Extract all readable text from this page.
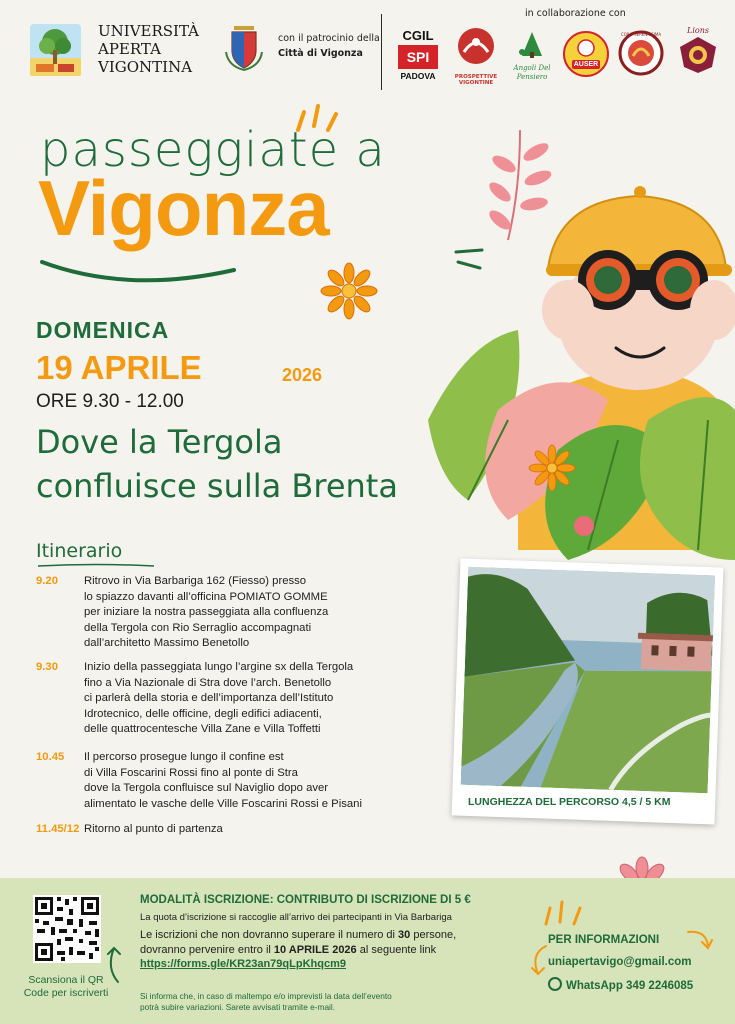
UNIVERSITÀ
APERTA
VIGONTINA
con il patrocinio della
Città di Vigonza
in collaborazione con
CGIL
SPI
PADOVA	PROSPETTIVE VIGONTINE
Angoli Del Pensiero
AUSER
CORO SERENISSIMA	Lions
passeggiate a
Vigonza
DOMENICA
19 APRILE	2026
ORE 9.30 - 12.00
Dove la Tergola
confluisce sulla Brenta
Itinerario
9.20 Ritrovo in Via Barbariga 162 (Fiesso) presso
lo spiazzo davanti all’officina POMIATO GOMME
per iniziare la nostra passeggiata alla confluenza
della Tergola con Rio Serraglio accompagnati
dall’architetto Massimo Benetollo
9.30 Inizio della passeggiata lungo l’argine sx della Tergola
fino a Via Nazionale di Stra dove l’arch. Benetollo
ci parlerà della storia e dell’importanza dell’Istituto
Idrotecnico, delle officine, degli edifici adiacenti,
delle quattrocentesche Villa Zane e Villa Toffetti
10.45 Il percorso prosegue lungo il confine est
di Villa Foscarini Rossi fino al ponte di Stra
dove la Tergola confluisce sul Naviglio dopo aver
alimentato le vasche delle Ville Foscarini Rossi e Pisani
11.45/12 Ritorno al punto di partenza
LUNGHEZZA DEL PERCORSO 4,5 / 5 KM
Scansiona il QR Code per iscriverti
MODALITÀ ISCRIZIONE: CONTRIBUTO DI ISCRIZIONE DI 5 €
La quota d’iscrizione si raccoglie all’arrivo dei partecipanti in Via Barbariga
Le iscrizioni che non dovranno superare il numero di 30 persone,
dovranno pervenire entro il 10 APRILE 2026 al seguente link
https://forms.gle/KR23an79qLpKhqcm9
Si informa che, in caso di maltempo e/o imprevisti la data dell’evento
potrà subire variazioni. Sarete avvisati tramite e-mail.
PER INFORMAZIONI
uniapertavigo@gmail.com
WhatsApp 349 2246085
